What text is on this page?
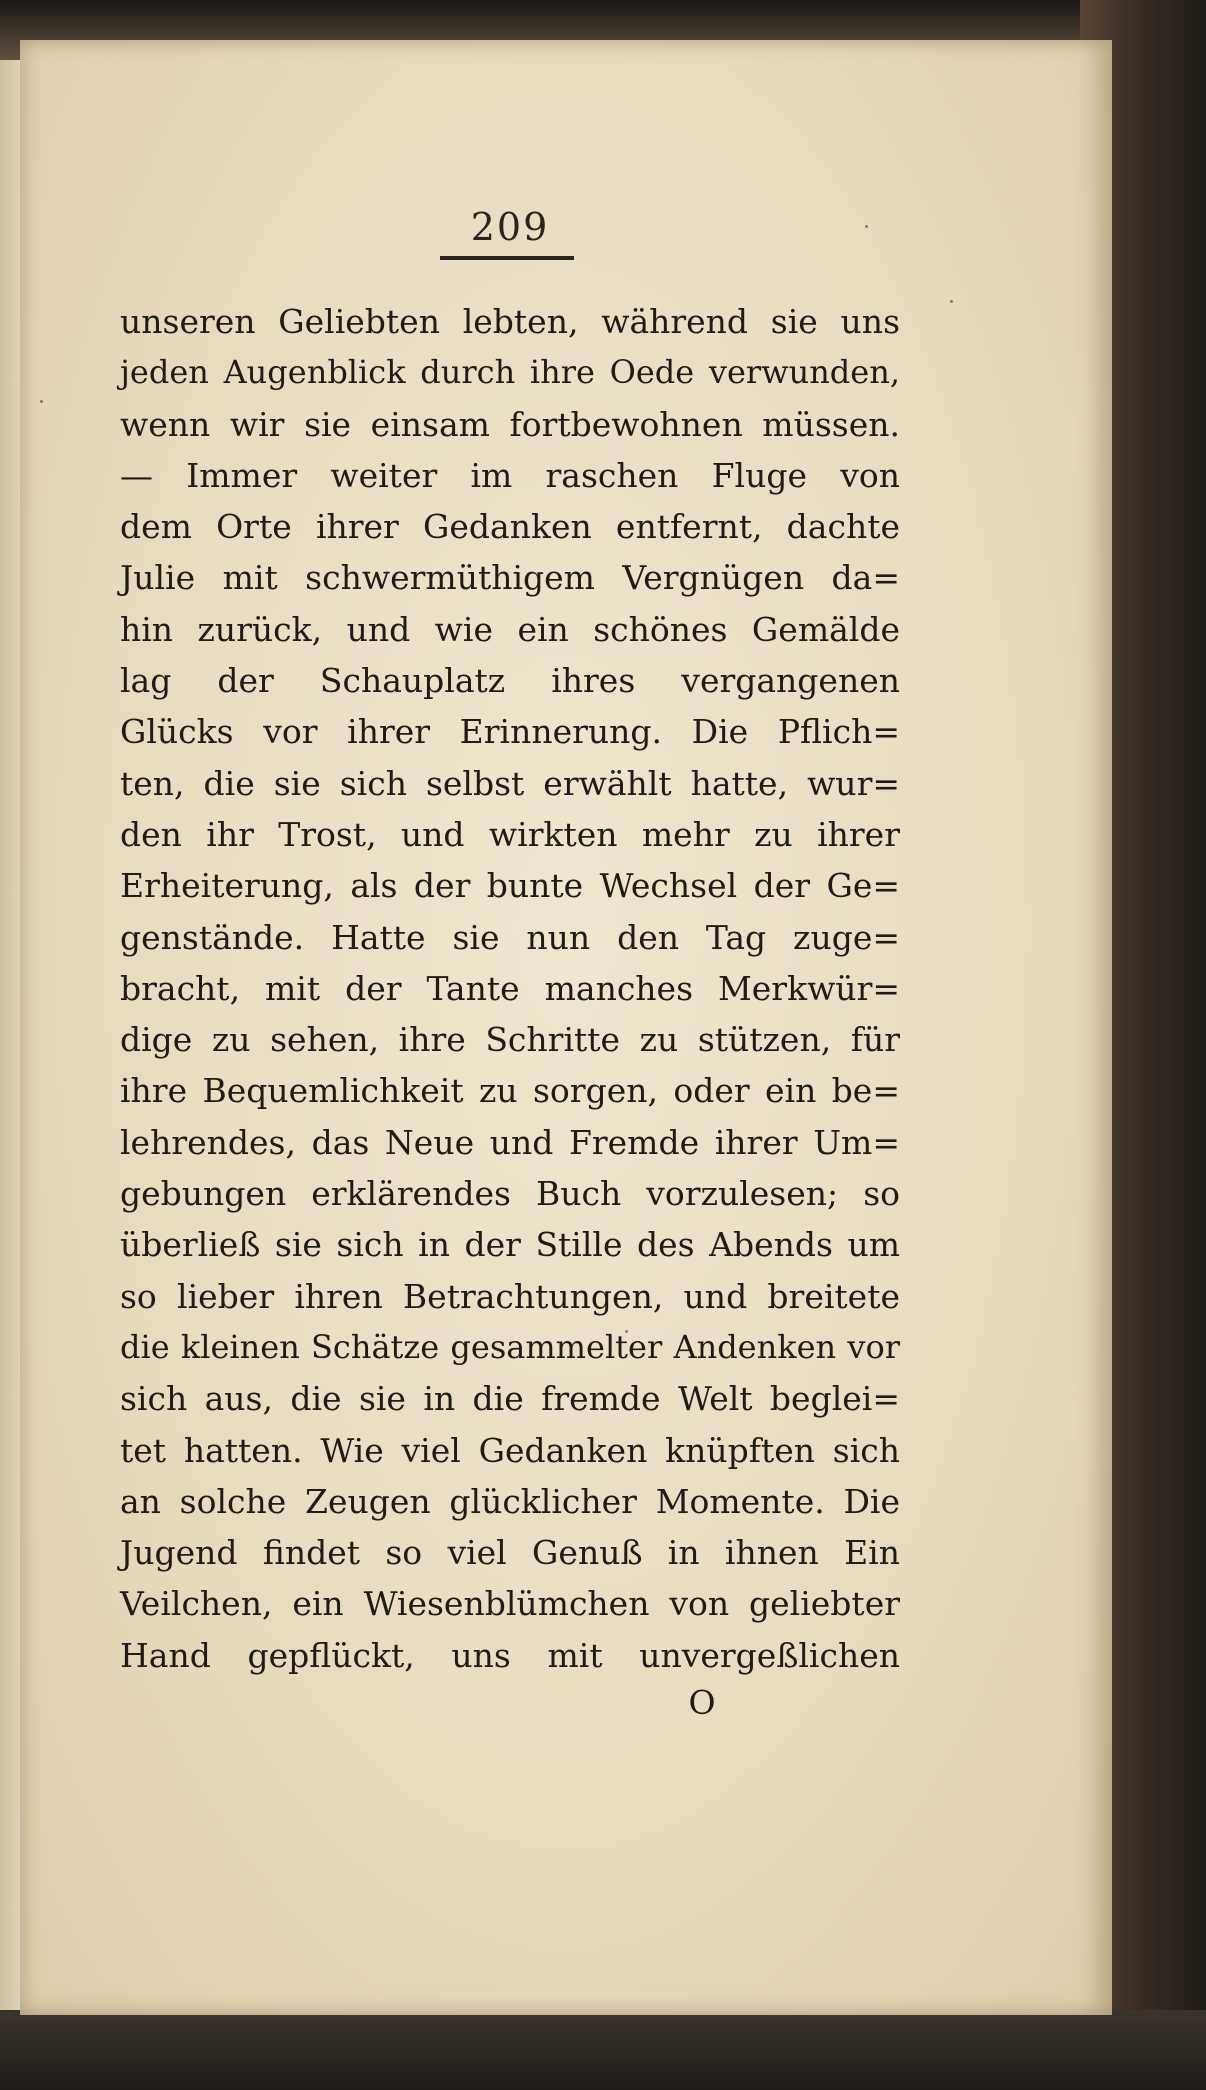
209
unseren Geliebten lebten, während sie uns
jeden Augenblick durch ihre Oede verwunden,
wenn wir sie einsam fortbewohnen müssen.
— Immer weiter im raschen Fluge von
dem Orte ihrer Gedanken entfernt, dachte
Julie mit schwermüthigem Vergnügen da=
hin zurück, und wie ein schönes Gemälde
lag der Schauplatz ihres vergangenen
Glücks vor ihrer Erinnerung. Die Pflich=
ten, die sie sich selbst erwählt hatte, wur=
den ihr Trost, und wirkten mehr zu ihrer
Erheiterung, als der bunte Wechsel der Ge=
genstände. Hatte sie nun den Tag zuge=
bracht, mit der Tante manches Merkwür=
dige zu sehen, ihre Schritte zu stützen, für
ihre Bequemlichkeit zu sorgen, oder ein be=
lehrendes, das Neue und Fremde ihrer Um=
gebungen erklärendes Buch vorzulesen; so
überließ sie sich in der Stille des Abends um
so lieber ihren Betrachtungen, und breitete
die kleinen Schätze gesammelter Andenken vor
sich aus, die sie in die fremde Welt beglei=
tet hatten. Wie viel Gedanken knüpften sich
an solche Zeugen glücklicher Momente. Die
Jugend findet so viel Genuß in ihnen Ein
Veilchen, ein Wiesenblümchen von geliebter
Hand gepflückt, uns mit unvergeßlichen
O
